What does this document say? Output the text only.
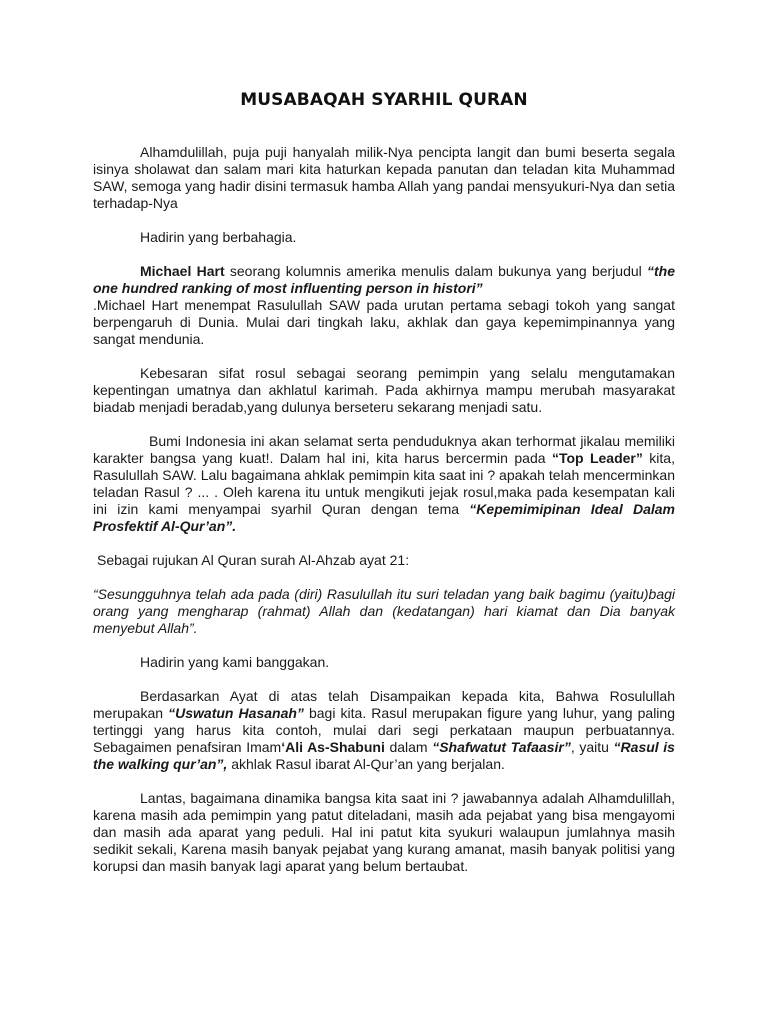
MUSABAQAH SYARHIL QURAN

Alhamdulillah, puja puji hanyalah milik-Nya pencipta langit dan bumi beserta segala isinya sholawat dan salam mari kita haturkan kepada panutan dan teladan kita Muhammad SAW, semoga yang hadir disini termasuk hamba Allah yang pandai mensyukuri-Nya dan setia terhadap-Nya

Hadirin yang berbahagia.

Michael Hart seorang kolumnis amerika menulis dalam bukunya yang berjudul “the one hundred ranking of most influenting person in histori”
.Michael Hart menempat Rasulullah SAW pada urutan pertama sebagi tokoh yang sangat berpengaruh di Dunia. Mulai dari tingkah laku, akhlak dan gaya kepemimpinannya yang sangat mendunia.

Kebesaran sifat rosul sebagai seorang pemimpin yang selalu mengutamakan kepentingan umatnya dan akhlatul karimah. Pada akhirnya mampu merubah masyarakat biadab menjadi beradab,yang dulunya berseteru sekarang menjadi satu.

Bumi Indonesia ini akan selamat serta penduduknya akan terhormat jikalau memiliki karakter bangsa yang kuat!. Dalam hal ini, kita harus bercermin pada “Top Leader” kita, Rasulullah SAW. Lalu bagaimana ahklak pemimpin kita saat ini ? apakah telah mencerminkan teladan Rasul ? ... . Oleh karena itu untuk mengikuti jejak rosul,maka pada kesempatan kali ini izin kami menyampai syarhil Quran dengan tema “Kepemimipinan Ideal Dalam Prosfektif Al-Qur’an”.

Sebagai rujukan Al Quran surah Al-Ahzab ayat 21:

“Sesungguhnya telah ada pada (diri) Rasulullah itu suri teladan yang baik bagimu (yaitu)bagi orang yang mengharap (rahmat) Allah dan (kedatangan) hari kiamat dan Dia banyak menyebut Allah”.

Hadirin yang kami banggakan.

Berdasarkan Ayat di atas telah Disampaikan kepada kita, Bahwa Rosulullah merupakan “Uswatun Hasanah” bagi kita. Rasul merupakan figure yang luhur, yang paling tertinggi yang harus kita contoh, mulai dari segi perkataan maupun perbuatannya. Sebagaimen penafsiran Imam‘Ali As-Shabuni dalam “Shafwatut Tafaasir”, yaitu “Rasul is the walking qur’an”, akhlak Rasul ibarat Al-Qur’an yang berjalan.

Lantas, bagaimana dinamika bangsa kita saat ini ? jawabannya adalah Alhamdulillah, karena masih ada pemimpin yang patut diteladani, masih ada pejabat yang bisa mengayomi dan masih ada aparat yang peduli. Hal ini patut kita syukuri walaupun jumlahnya masih sedikit sekali, Karena masih banyak pejabat yang kurang amanat, masih banyak politisi yang korupsi dan masih banyak lagi aparat yang belum bertaubat.
